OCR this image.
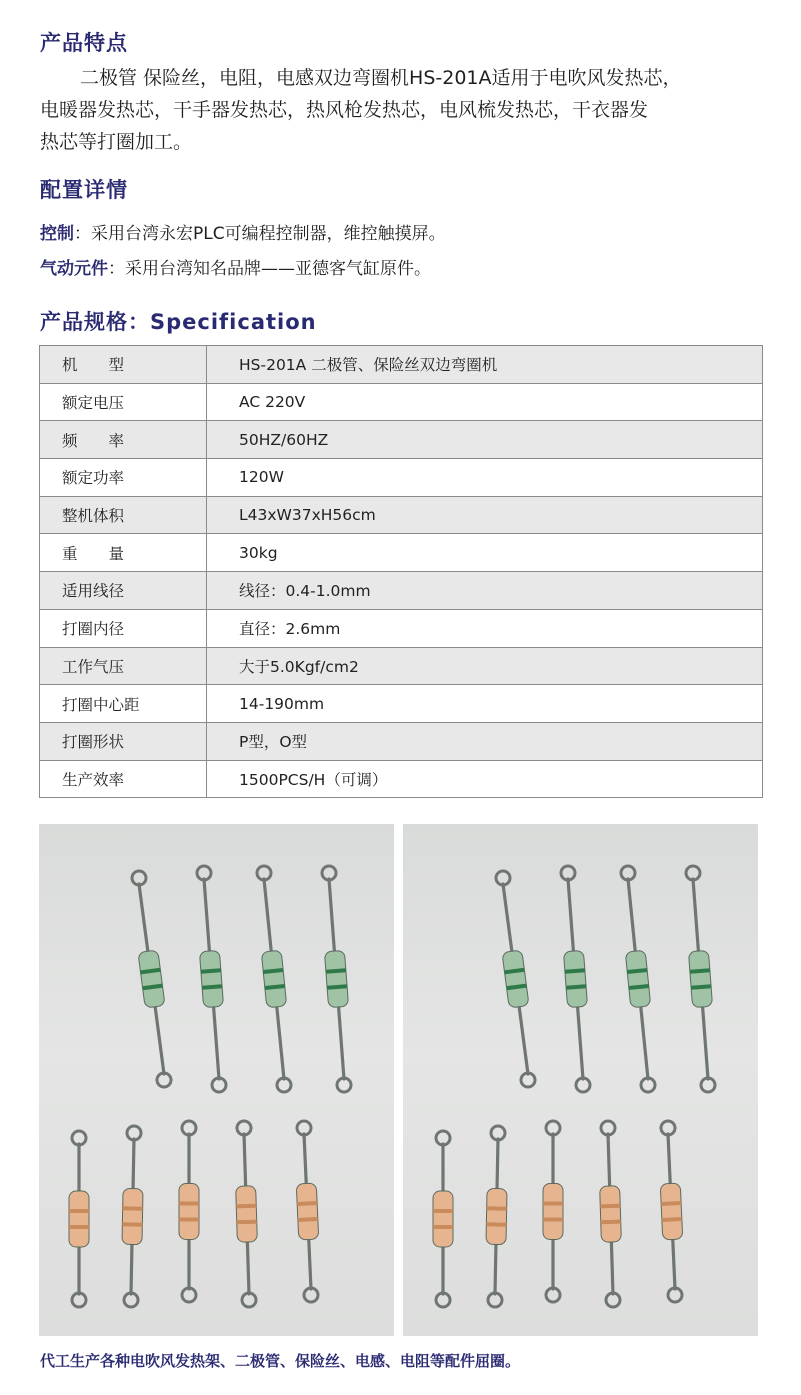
产品特点
二极管 保险丝，电阻，电感双边弯圈机HS-201A适用于电吹风发热芯，
电暖器发热芯，干手器发热芯，热风枪发热芯，电风梳发热芯，干衣器发
热芯等打圈加工。
配置详情
控制：采用台湾永宏PLC可编程控制器，维控触摸屏。
气动元件：采用台湾知名品牌——亚德客气缸原件。
产品规格：Specification
机　　型	HS-201A 二极管、保险丝双边弯圈机
额定电压	AC 220V
频　　率	50HZ/60HZ
额定功率	120W
整机体积	L43xW37xH56cm
重　　量	30kg
适用线径	线径：0.4-1.0mm
打圈内径	直径：2.6mm
工作气压	大于5.0Kgf/cm2
打圈中心距	14-190mm
打圈形状	P型，O型
生产效率	1500PCS/H（可调）
代工生产各种电吹风发热架、二极管、保险丝、电感、电阻等配件屈圈。
